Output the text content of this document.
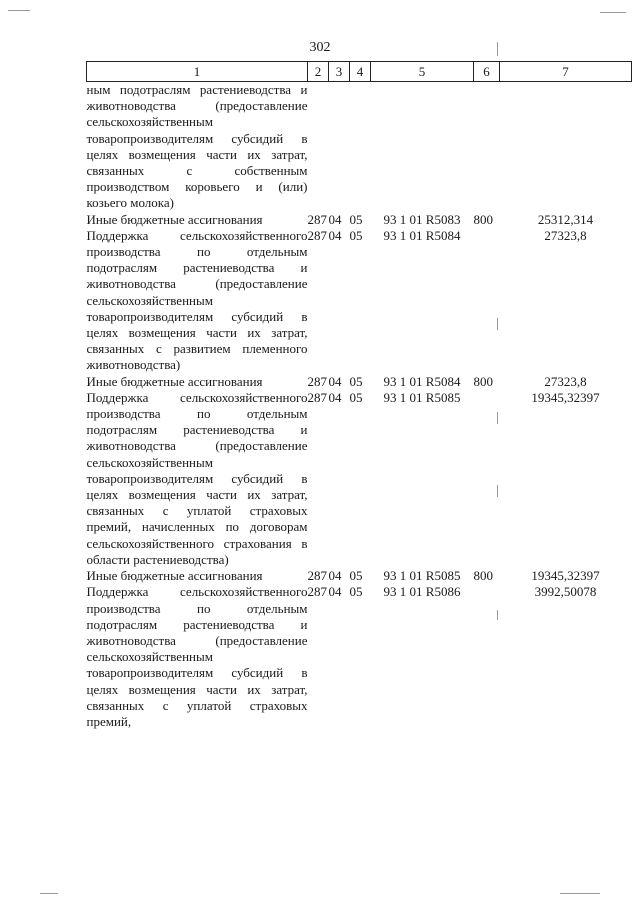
302
1	2	3	4	5	6	7
ным подотраслям растениеводства и животноводства (предоставление сельскохозяйственным товаропроизводителям субсидий в целях возмещения части их затрат, связанных с собственным производством коровьего и (или) козьего молока)						
Иные бюджетные ассигнования	287	04	05	93 1 01 R5083	800	25312,314
Поддержка сельскохозяйственного производства по отдельным подотраслям растениеводства и животноводства (предоставление сельскохозяйственным товаропроизводителям субсидий в целях возмещения части их затрат, связанных с развитием племенного животноводства)	287	04	05	93 1 01 R5084		27323,8
Иные бюджетные ассигнования	287	04	05	93 1 01 R5084	800	27323,8
Поддержка сельскохозяйственного производства по отдельным подотраслям растениеводства и животноводства (предоставление сельскохозяйственным товаропроизводителям субсидий в целях возмещения части их затрат, связанных с уплатой страховых премий, начисленных по договорам сельскохозяйственного страхования в области растениеводства)	287	04	05	93 1 01 R5085		19345,32397
Иные бюджетные ассигнования	287	04	05	93 1 01 R5085	800	19345,32397
Поддержка сельскохозяйственного производства по отдельным подотраслям растениеводства и животноводства (предоставление сельскохозяйственным товаропроизводителям субсидий в целях возмещения части их затрат, связанных с уплатой страховых премий,	287	04	05	93 1 01 R5086		3992,50078
